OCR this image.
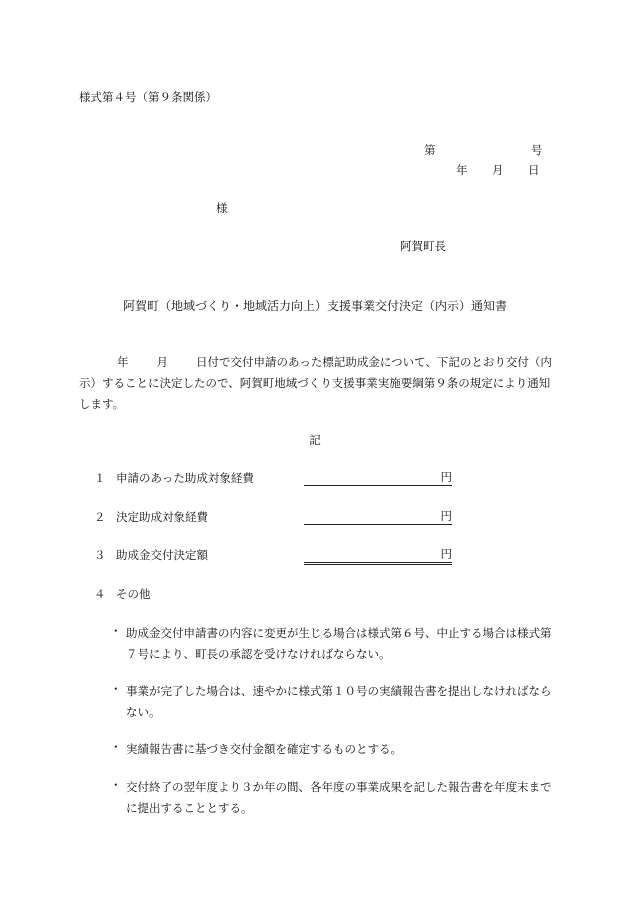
様式第４号（第９条関係）
第	号
年 月 日
様
阿賀町長
阿賀町（地域づくり・地域活力向上）支援事業交付決定（内示）通知書
年 月 日付で交付申請のあった標記助成金について、下記のとおり交付（内示）することに決定したので、阿賀町地域づくり支援事業実施要綱第９条の規定により通知します。
記
１ 申請のあった助成対象経費	円
２ 決定助成対象経費	円
３ 助成金交付決定額	円
４ その他
・ 助成金交付申請書の内容に変更が生じる場合は様式第６号、中止する場合は様式第７号により、町長の承認を受けなければならない。
・ 事業が完了した場合は、速やかに様式第１０号の実績報告書を提出しなければならない。
・ 実績報告書に基づき交付金額を確定するものとする。
・ 交付終了の翌年度より３か年の間、各年度の事業成果を記した報告書を年度末までに提出することとする。
